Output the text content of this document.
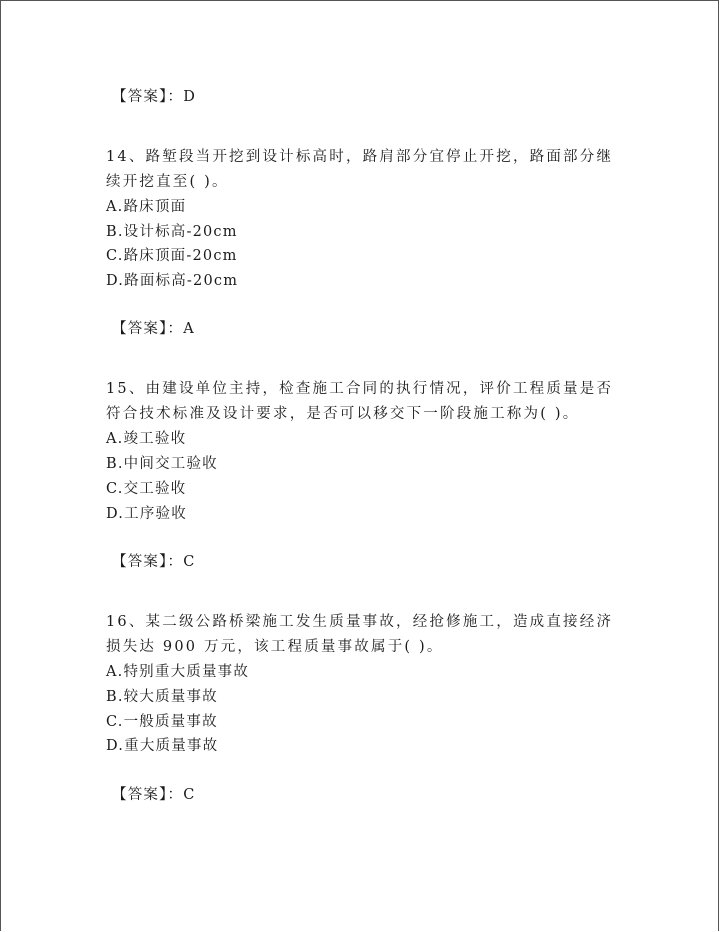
【答案】：D
14、路堑段当开挖到设计标高时，路肩部分宜停止开挖，路面部分继
续开挖直至( )。
A.路床顶面
B.设计标高-20cm
C.路床顶面-20cm
D.路面标高-20cm
【答案】：A
15、由建设单位主持，检查施工合同的执行情况，评价工程质量是否
符合技术标准及设计要求，是否可以移交下一阶段施工称为( )。
A.竣工验收
B.中间交工验收
C.交工验收
D.工序验收
【答案】：C
16、某二级公路桥梁施工发生质量事故，经抢修施工，造成直接经济
损失达 900 万元，该工程质量事故属于( )。
A.特别重大质量事故
B.较大质量事故
C.一般质量事故
D.重大质量事故
【答案】：C
